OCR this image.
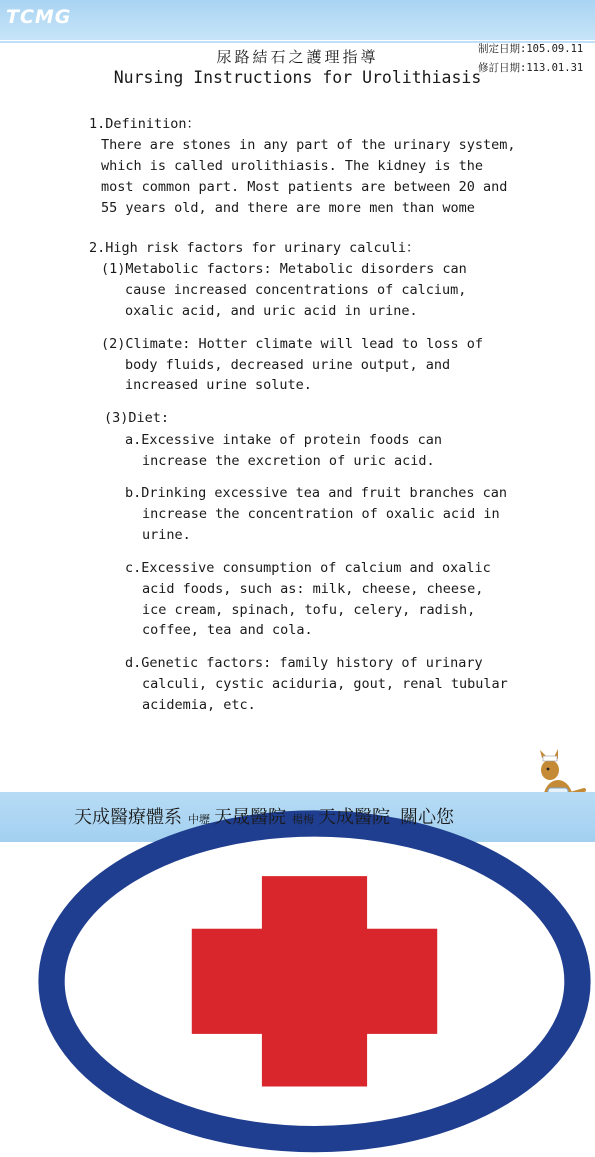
TCMG
尿路結石之護理指導
Nursing Instructions for Urolithiasis
制定日期:105.09.11
修訂日期:113.01.31
1.Definition：
There are stones in any part of the urinary system,
which is called urolithiasis. The kidney is the
most common part. Most patients are between 20 and
55 years old, and there are more men than wome
2.High risk factors for urinary calculi：
(1)Metabolic factors: Metabolic disorders can
cause increased concentrations of calcium,
oxalic acid, and uric acid in urine.
(2)Climate: Hotter climate will lead to loss of
body fluids, decreased urine output, and
increased urine solute.
(3)Diet:
a.Excessive intake of protein foods can
increase the excretion of uric acid.
b.Drinking excessive tea and fruit branches can
increase the concentration of oxalic acid in
urine.
c.Excessive consumption of calcium and oxalic
acid foods, such as: milk, cheese, cheese,
ice cream, spinach, tofu, celery, radish,
coffee, tea and cola.
d.Genetic factors: family history of urinary
calculi, cystic aciduria, gout, renal tubular
acidemia, etc.
天成醫療體系 中壢 天晟醫院 楊梅 天成醫院 關心您
